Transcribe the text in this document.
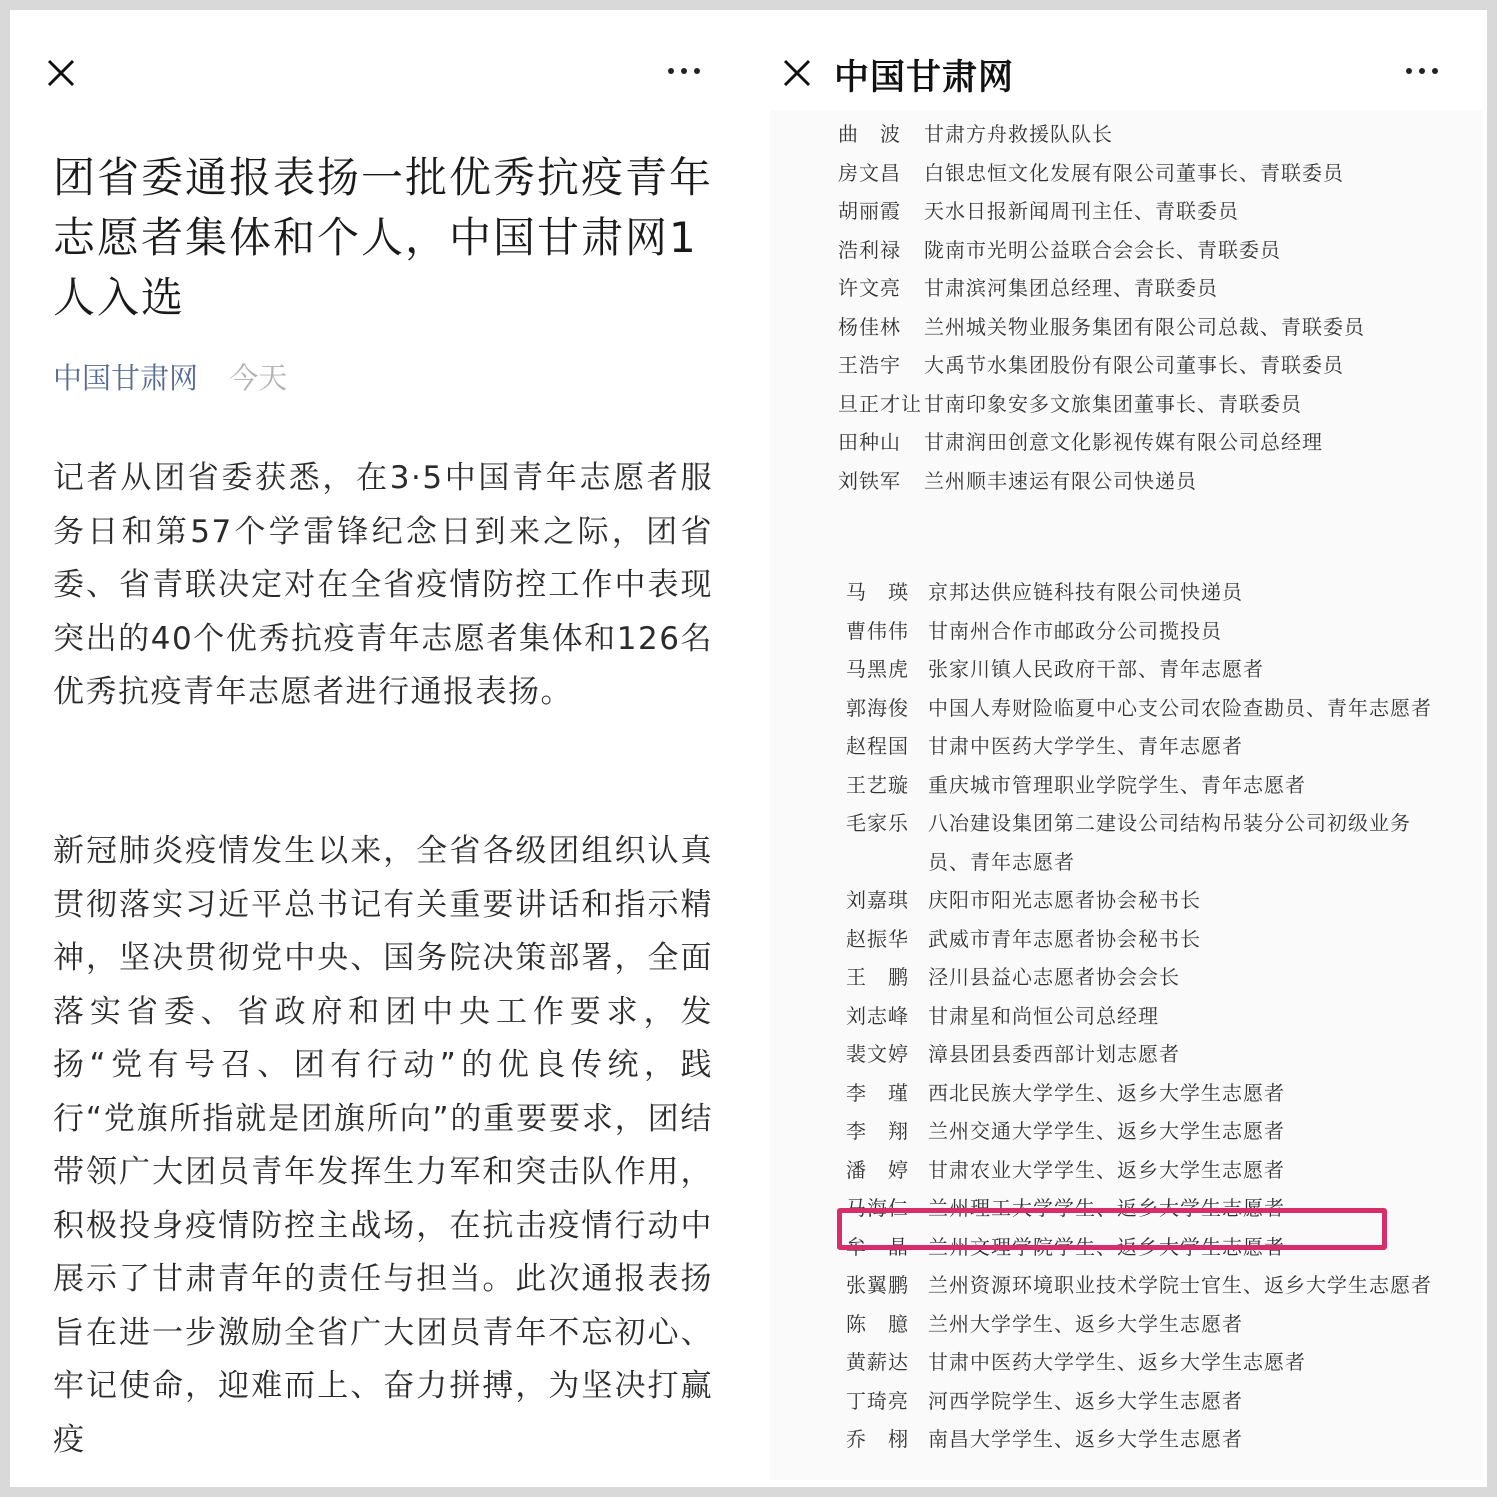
团省委通报表扬一批优秀抗疫青年志愿者集体和个人，中国甘肃网1人入选
中国甘肃网 今天
记者从团省委获悉，在3·5中国青年志愿者服务日和第57个学雷锋纪念日到来之际，团省委、省青联决定对在全省疫情防控工作中表现突出的40个优秀抗疫青年志愿者集体和126名优秀抗疫青年志愿者进行通报表扬。
新冠肺炎疫情发生以来，全省各级团组织认真贯彻落实习近平总书记有关重要讲话和指示精神，坚决贯彻党中央、国务院决策部署，全面落实省委、省政府和团中央工作要求，发扬“党有号召、团有行动”的优良传统，践行“党旗所指就是团旗所向”的重要要求，团结带领广大团员青年发挥生力军和突击队作用，积极投身疫情防控主战场，在抗击疫情行动中展示了甘肃青年的责任与担当。此次通报表扬旨在进一步激励全省广大团员青年不忘初心、牢记使命，迎难而上、奋力拼搏，为坚决打赢疫
中国甘肃网
曲　波 甘肃方舟救援队队长
房文昌 白银忠恒文化发展有限公司董事长、青联委员
胡丽霞 天水日报新闻周刊主任、青联委员
浩利禄 陇南市光明公益联合会会长、青联委员
许文亮 甘肃滨河集团总经理、青联委员
杨佳林 兰州城关物业服务集团有限公司总裁、青联委员
王浩宇 大禹节水集团股份有限公司董事长、青联委员
旦正才让 甘南印象安多文旅集团董事长、青联委员
田种山 甘肃润田创意文化影视传媒有限公司总经理
刘铁军 兰州顺丰速运有限公司快递员
马　瑛 京邦达供应链科技有限公司快递员
曹伟伟 甘南州合作市邮政分公司揽投员
马黑虎 张家川镇人民政府干部、青年志愿者
郭海俊 中国人寿财险临夏中心支公司农险查勘员、青年志愿者
赵程国 甘肃中医药大学学生、青年志愿者
王艺璇 重庆城市管理职业学院学生、青年志愿者
毛家乐 八冶建设集团第二建设公司结构吊装分公司初级业务
员、青年志愿者
刘嘉琪 庆阳市阳光志愿者协会秘书长
赵振华 武威市青年志愿者协会秘书长
王　鹏 泾川县益心志愿者协会会长
刘志峰 甘肃星和尚恒公司总经理
裴文婷 漳县团县委西部计划志愿者
李　瑾 西北民族大学学生、返乡大学生志愿者
李　翔 兰州交通大学学生、返乡大学生志愿者
潘　婷 甘肃农业大学学生、返乡大学生志愿者
马海仁 兰州理工大学学生、返乡大学生志愿者
牟　晶 兰州文理学院学生、返乡大学生志愿者
张翼鹏 兰州资源环境职业技术学院士官生、返乡大学生志愿者
陈　臆 兰州大学学生、返乡大学生志愿者
黄薪达 甘肃中医药大学学生、返乡大学生志愿者
丁琦亮 河西学院学生、返乡大学生志愿者
乔　栩 南昌大学学生、返乡大学生志愿者
